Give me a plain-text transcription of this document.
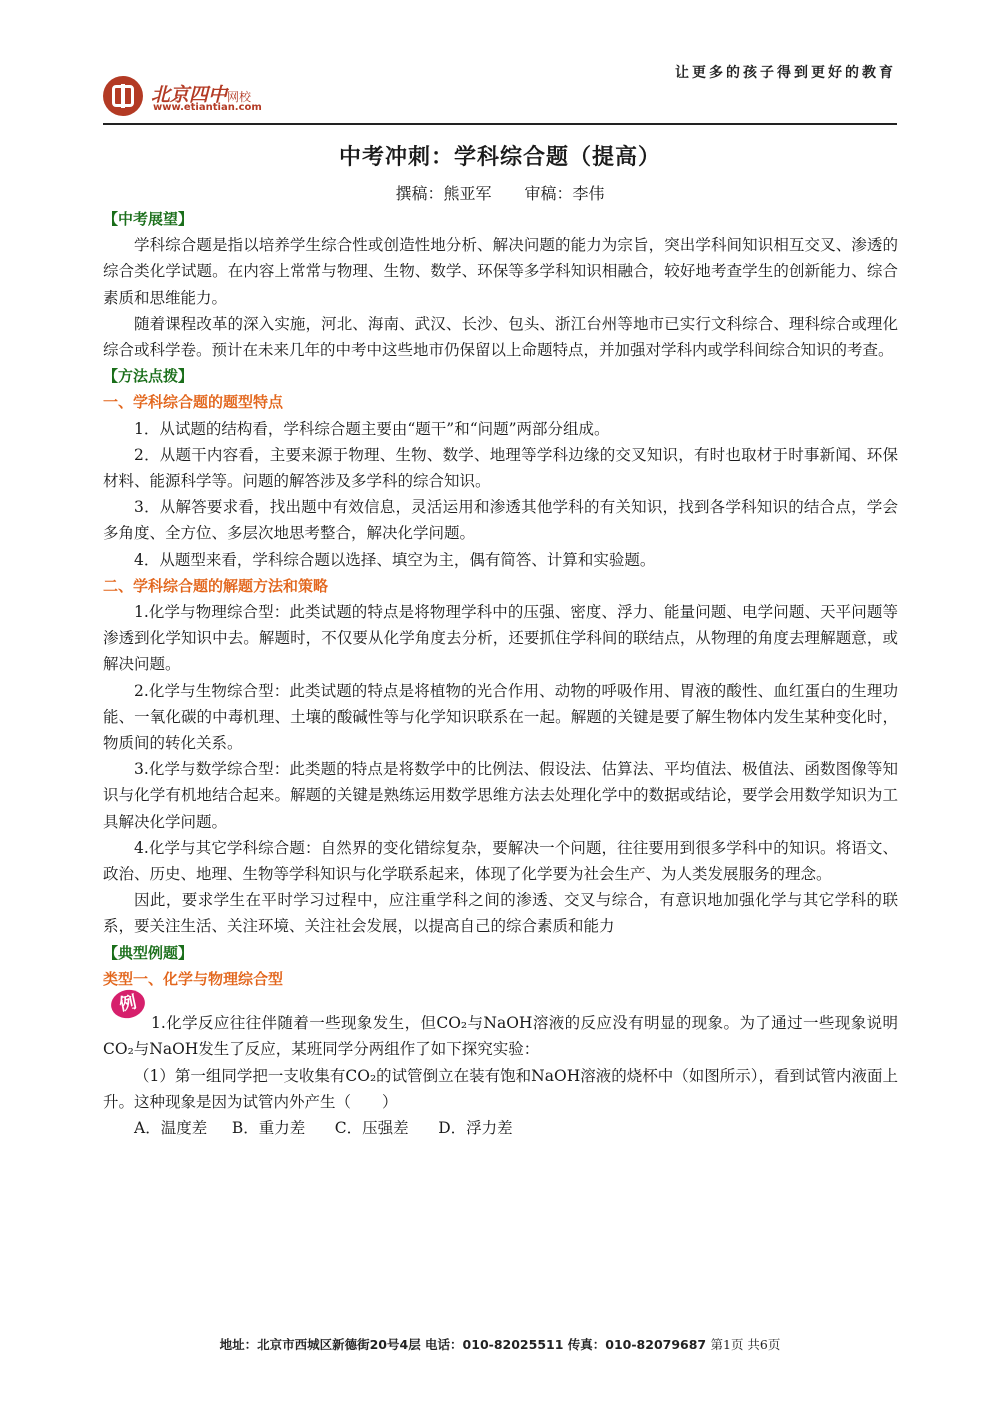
让更多的孩子得到更好的教育
北京四中网校
www.etiantian.com
中考冲刺：学科综合题（提高）
撰稿：熊亚军 审稿：李伟
【中考展望】

学科综合题是指以培养学生综合性或创造性地分析、解决问题的能力为宗旨，突出学科间知识相互交叉、渗透的综合类化学试题。在内容上常常与物理、生物、数学、环保等多学科知识相融合，较好地考查学生的创新能力、综合素质和思维能力。

随着课程改革的深入实施，河北、海南、武汉、长沙、包头、浙江台州等地市已实行文科综合、理科综合或理化综合或科学卷。预计在未来几年的中考中这些地市仍保留以上命题特点，并加强对学科内或学科间综合知识的考查。

【方法点拨】
一、学科综合题的题型特点

1．从试题的结构看，学科综合题主要由“题干”和“问题”两部分组成。

2．从题干内容看，主要来源于物理、生物、数学、地理等学科边缘的交叉知识，有时也取材于时事新闻、环保材料、能源科学等。问题的解答涉及多学科的综合知识。

3．从解答要求看，找出题中有效信息，灵活运用和渗透其他学科的有关知识，找到各学科知识的结合点，学会多角度、全方位、多层次地思考整合，解决化学问题。

4．从题型来看，学科综合题以选择、填空为主，偶有简答、计算和实验题。

二、学科综合题的解题方法和策略

1.化学与物理综合型：此类试题的特点是将物理学科中的压强、密度、浮力、能量问题、电学问题、天平问题等渗透到化学知识中去。解题时，不仅要从化学角度去分析，还要抓住学科间的联结点，从物理的角度去理解题意，或解决问题。

2.化学与生物综合型：此类试题的特点是将植物的光合作用、动物的呼吸作用、胃液的酸性、血红蛋白的生理功能、一氧化碳的中毒机理、土壤的酸碱性等与化学知识联系在一起。解题的关键是要了解生物体内发生某种变化时，物质间的转化关系。

3.化学与数学综合型：此类题的特点是将数学中的比例法、假设法、估算法、平均值法、极值法、函数图像等知识与化学有机地结合起来。解题的关键是熟练运用数学思维方法去处理化学中的数据或结论，要学会用数学知识为工具解决化学问题。

4.化学与其它学科综合题：自然界的变化错综复杂，要解决一个问题，往往要用到很多学科中的知识。将语文、政治、历史、地理、生物等学科知识与化学联系起来，体现了化学要为社会生产、为人类发展服务的理念。

因此，要求学生在平时学习过程中，应注重学科之间的渗透、交叉与综合，有意识地加强化学与其它学科的联系，要关注生活、关注环境、关注社会发展，以提高自己的综合素质和能力

【典型例题】
类型一、化学与物理综合型
例

1.化学反应往往伴随着一些现象发生，但CO₂与NaOH溶液的反应没有明显的现象。为了通过一些现象说明CO₂与NaOH发生了反应，某班同学分两组作了如下探究实验：

（1）第一组同学把一支收集有CO₂的试管倒立在装有饱和NaOH溶液的烧杯中（如图所示），看到试管内液面上升。这种现象是因为试管内外产生（　　）

A．温度差     B．重力差      C．压强差      D．浮力差
地址：北京市西城区新德街20号4层 电话：010-82025511 传真：010-82079687 第1页 共6页
